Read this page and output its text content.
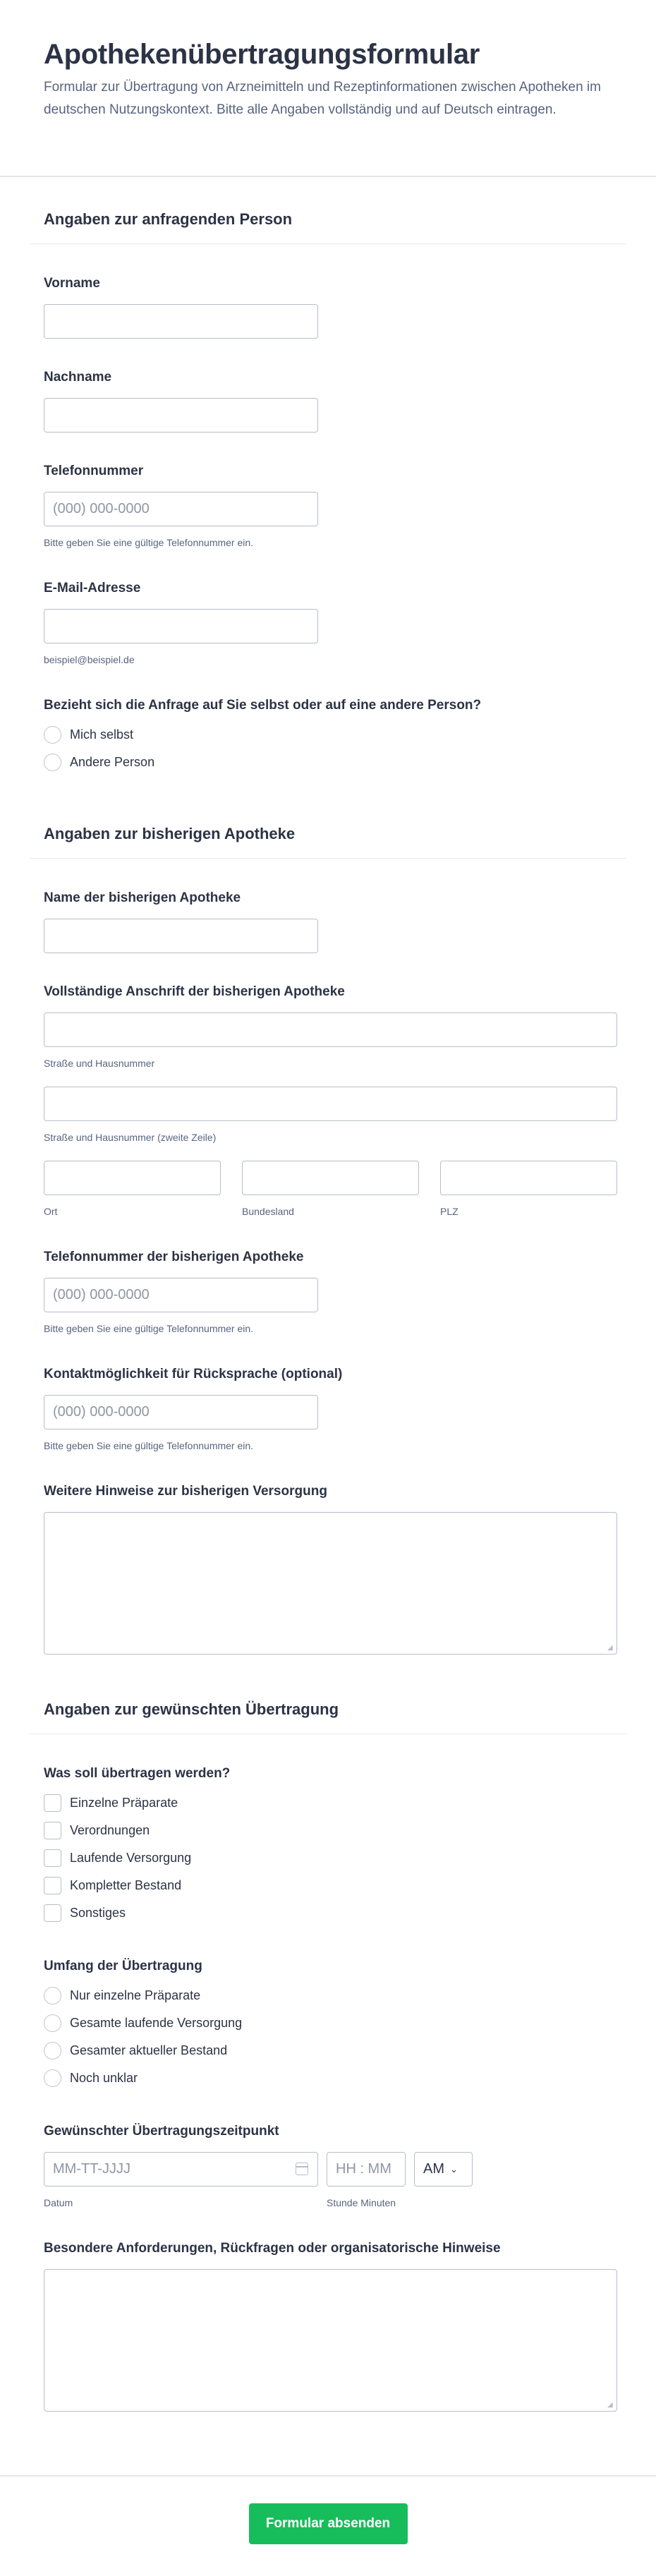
Apothekenübertragungsformular

Formular zur Übertragung von Arzneimitteln und Rezeptinformationen zwischen Apotheken im deutschen Nutzungskontext. Bitte alle Angaben vollständig und auf Deutsch eintragen.

Angaben zur anfragenden Person
Vorname
Nachname
Telefonnummer
(000) 000-0000
Bitte geben Sie eine gültige Telefonnummer ein.
E-Mail-Adresse
beispiel@beispiel.de
Bezieht sich die Anfrage auf Sie selbst oder auf eine andere Person?
Mich selbst
Andere Person
Angaben zur bisherigen Apotheke
Name der bisherigen Apotheke
Vollständige Anschrift der bisherigen Apotheke
Straße und Hausnummer
Straße und Hausnummer (zweite Zeile)
Ort	Bundesland	PLZ
Telefonnummer der bisherigen Apotheke
(000) 000-0000
Bitte geben Sie eine gültige Telefonnummer ein.
Kontaktmöglichkeit für Rücksprache (optional)
(000) 000-0000
Bitte geben Sie eine gültige Telefonnummer ein.
Weitere Hinweise zur bisherigen Versorgung
◢
Angaben zur gewünschten Übertragung
Was soll übertragen werden?
Einzelne Präparate
Verordnungen
Laufende Versorgung
Kompletter Bestand
Sonstiges
Umfang der Übertragung
Nur einzelne Präparate
Gesamte laufende Versorgung
Gesamter aktueller Bestand
Noch unklar
Gewünschter Übertragungszeitpunkt
MM-TT-JJJJ	HH : MM	AM ⌄
Datum	Stunde Minuten
Besondere Anforderungen, Rückfragen oder organisatorische Hinweise
◢
Formular absenden
